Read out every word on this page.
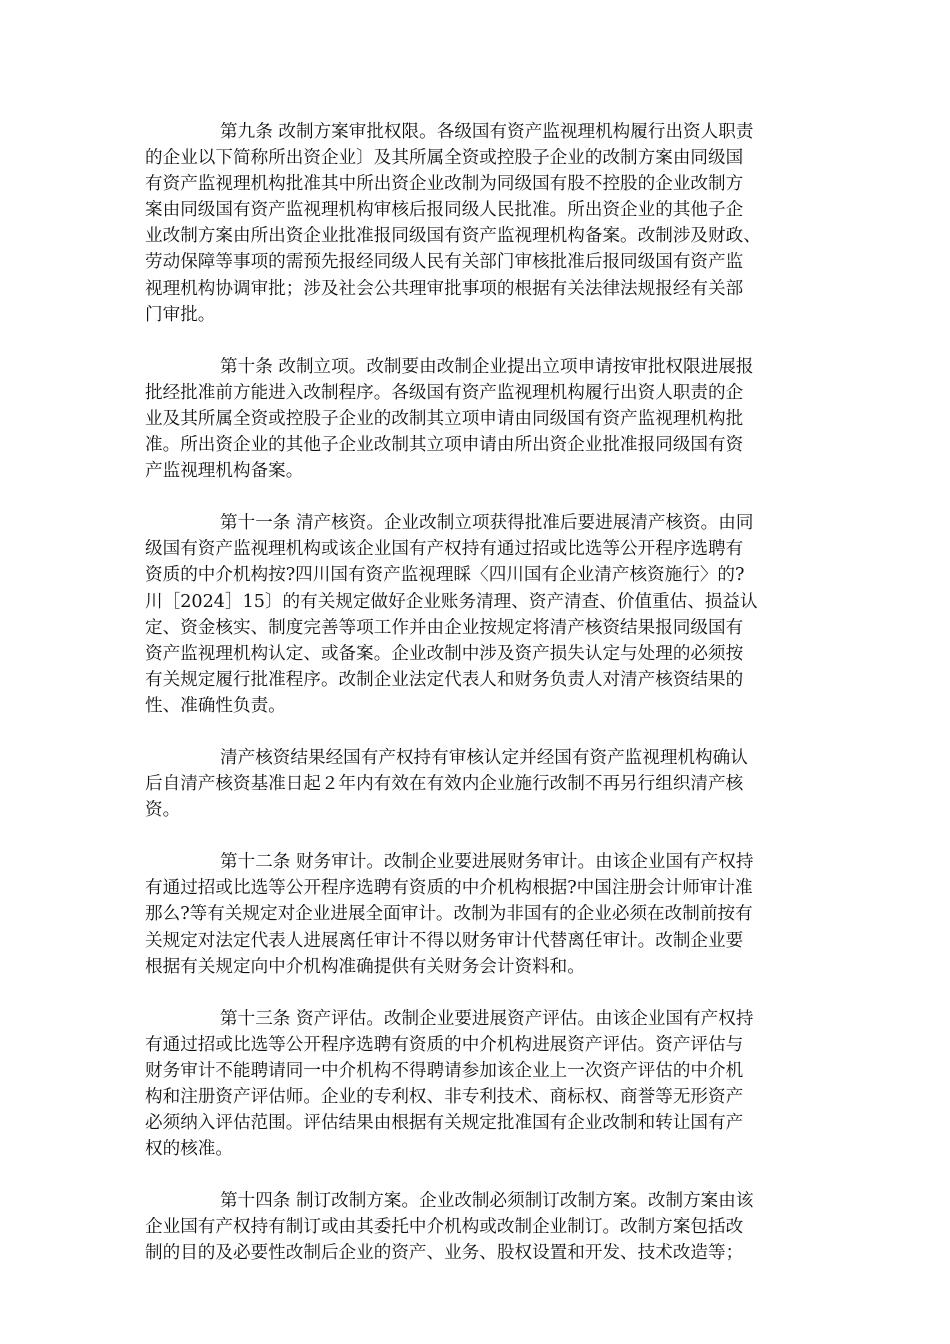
第九条 改制方案审批权限。各级国有资产监视理机构履行出资人职责
的企业以下简称所出资企业〕及其所属全资或控股子企业的改制方案由同级国
有资产监视理机构批准其中所出资企业改制为同级国有股不控股的企业改制方
案由同级国有资产监视理机构审核后报同级人民批准。所出资企业的其他子企
业改制方案由所出资企业批准报同级国有资产监视理机构备案。改制涉及财政、
劳动保障等事项的需预先报经同级人民有关部门审核批准后报同级国有资产监
视理机构协调审批；涉及社会公共理审批事项的根据有关法律法规报经有关部
门审批。
第十条 改制立项。改制要由改制企业提出立项申请按审批权限进展报
批经批准前方能进入改制程序。各级国有资产监视理机构履行出资人职责的企
业及其所属全资或控股子企业的改制其立项申请由同级国有资产监视理机构批
准。所出资企业的其他子企业改制其立项申请由所出资企业批准报同级国有资
产监视理机构备案。
第十一条 清产核资。企业改制立项获得批准后要进展清产核资。由同
级国有资产监视理机构或该企业国有产权持有通过招或比选等公开程序选聘有
资质的中介机构按?四川国有资产监视理睬〈四川国有企业清产核资施行〉的?
川［2024］15〕的有关规定做好企业账务清理、资产清查、价值重估、损益认
定、资金核实、制度完善等项工作并由企业按规定将清产核资结果报同级国有
资产监视理机构认定、或备案。企业改制中涉及资产损失认定与处理的必须按
有关规定履行批准程序。改制企业法定代表人和财务负责人对清产核资结果的
性、准确性负责。
清产核资结果经国有产权持有审核认定并经国有资产监视理机构确认
后自清产核资基准日起２年内有效在有效内企业施行改制不再另行组织清产核
资。
第十二条 财务审计。改制企业要进展财务审计。由该企业国有产权持
有通过招或比选等公开程序选聘有资质的中介机构根据?中国注册会计师审计准
那么?等有关规定对企业进展全面审计。改制为非国有的企业必须在改制前按有
关规定对法定代表人进展离任审计不得以财务审计代替离任审计。改制企业要
根据有关规定向中介机构准确提供有关财务会计资料和。
第十三条 资产评估。改制企业要进展资产评估。由该企业国有产权持
有通过招或比选等公开程序选聘有资质的中介机构进展资产评估。资产评估与
财务审计不能聘请同一中介机构不得聘请参加该企业上一次资产评估的中介机
构和注册资产评估师。企业的专利权、非专利技术、商标权、商誉等无形资产
必须纳入评估范围。评估结果由根据有关规定批准国有企业改制和转让国有产
权的核准。
第十四条 制订改制方案。企业改制必须制订改制方案。改制方案由该
企业国有产权持有制订或由其委托中介机构或改制企业制订。改制方案包括改
制的目的及必要性改制后企业的资产、业务、股权设置和开发、技术改造等；
